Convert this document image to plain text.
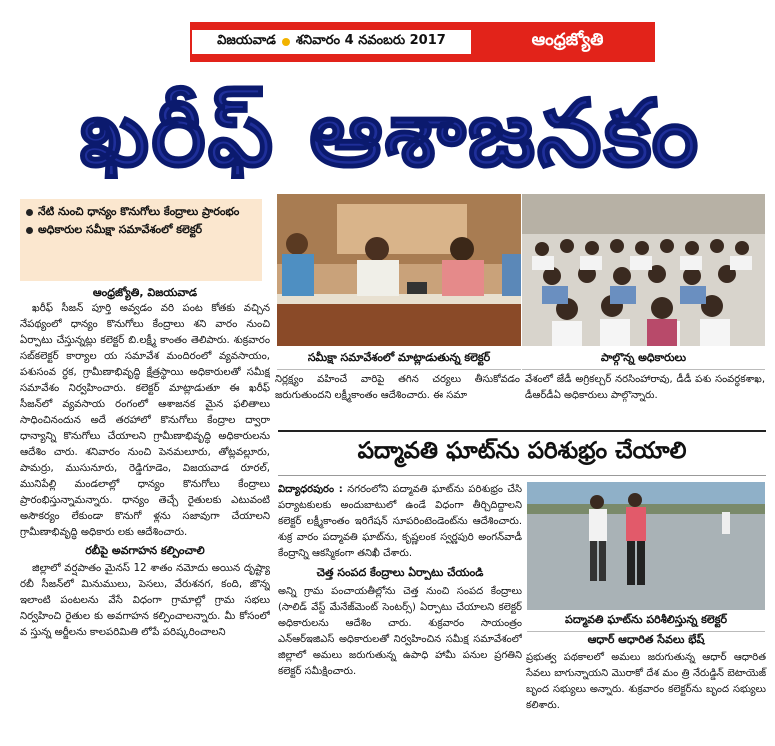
విజయవాడ శనివారం 4 నవంబరు 2017	ఆంధ్రజ్యోతి
ఖరీఫ్ ఆశాజనకం
నేటి నుంచి ధాన్యం కొనుగోలు కేంద్రాలు ప్రారంభం
అధికారుల సమీక్షా సమావేశంలో కలెక్టర్
ఆంధ్రజ్యోతి, విజయవాడ

ఖరీఫ్ సీజన్ పూర్తి అవ్వడం వరి పంట కోతకు వచ్చిన నేపథ్యంలో ధాన్యం కొనుగోలు కేంద్రాలు శని వారం నుంచి ఏర్పాటు చేస్తున్నట్లు కలెక్టర్ బి.లక్ష్మీ కాంతం తెలిపారు. శుక్రవారం సబ్‌కలెక్టర్ కార్యాల య సమావేశ మందిరంలో వ్యవసాయం, పశుసంవ ర్ధక, గ్రామీణాభివృద్ధి క్షేత్రస్థాయి అధికారులతో సమీక్ష సమావేశం నిర్వహించారు. కలెక్టర్ మాట్లాడుతూ ఈ ఖరీఫ్ సీజన్‌లో వ్యవసాయ రంగంలో ఆశాజనక మైన ఫలితాలు సాధించినందున అదే తరహాలో కొనుగోలు కేంద్రాల ద్వారా ధాన్యాన్ని కొనుగోలు చేయాలని గ్రామీణాభివృద్ధి అధికారులను ఆదేశిం చారు. శనివారం నుంచి పెనమలూరు, తోట్లవల్లూరు, పామర్రు, ముసునూరు, రెడ్డిగూడెం, విజయవాడ రూరల్, మునిపేల్లి మండలాల్లో ధాన్యం కొనుగోలు కేంద్రాలు ప్రారంభిస్తున్నామన్నారు. ధాన్యం తెచ్చే రైతులకు ఎటువంటి అసౌకర్యం లేకుండా కొనుగో ళ్లను సజావుగా చేయాలని గ్రామీణాభివృద్ధి అధికారు లకు ఆదేశించారు.

రబీపై అవగాహన కల్పించాలి

జిల్లాలో వర్షపాతం మైనస్ 12 శాతం నమోదు అయిన దృష్ట్యా రబీ సీజన్‌లో మినుములు, పెసలు, వేరుశనగ, కంది, జొన్న ఇలాంటి పంటలను వేసే విధంగా గ్రామాల్లో గ్రామ సభలు నిర్వహించి రైతుల కు అవగాహన కల్పించాలన్నారు. మీ కోసంలో వ స్తున్న అర్జీలను కాలపరిమితి లోపే పరిష్కరించాలని

సమీక్షా సమావేశంలో మాట్లాడుతున్న కలెక్టర్	పాల్గొన్న అధికారులు
నిర్లక్ష్యం వహించే వారిపై తగిన చర్యలు తీసుకోవడం జరుగుతుందని లక్ష్మీకాంతం ఆదేశించారు. ఈ సమా
వేశంలో జేడీ అగ్రికల్చర్ నరసింహారావు, డీడీ పశు సంవర్ధకశాఖ, డీఆర్‌డీఏ అధికారులు పాల్గొన్నారు.
పద్మావతి ఘాట్‌ను పరిశుభ్రం చేయాలి

విద్యాధరపురం : నగరంలోని పద్మావతి ఘాట్‌ను పరిశుభ్రం చేసి పర్యాటకులకు అందుబాటులో ఉండే విధంగా తీర్చిదిద్దాలని కలెక్టర్ లక్ష్మీకాంతం ఇరిగేషన్ సూపరింటెండెంట్‌ను ఆదేశించారు. శుక్ర వారం పద్మావతి ఘాట్‌ను, కృష్ణలంక స్వర్ణపురి అంగన్‌వాడీ కేంద్రాన్ని ఆకస్మికంగా తనిఖీ చేశారు.

చెత్త సంపద కేంద్రాలు ఏర్పాటు చేయండి

అన్ని గ్రామ పంచాయతీల్లోను చెత్త నుంచి సంపద కేంద్రాలు (సాలిడ్ వేస్ట్ మేనేజ్‌మెంట్ సెంటర్స్) ఏర్పాటు చేయాలని కలెక్టర్ అధికారులను ఆదేశిం చారు. శుక్రవారం సాయంత్రం ఎన్ఆర్ఇజిఎస్ అధికారులతో నిర్వహించిన సమీక్ష సమావేశంలో జిల్లాలో అమలు జరుగుతున్న ఉపాధి హామీ పనుల ప్రగతిని కలెక్టర్ సమీక్షించారు.

పద్మావతి ఘాట్‌ను పరిశీలిస్తున్న కలెక్టర్
ఆధార్ ఆధారిత సేవలు భేష్

ప్రభుత్వ పథకాలలో అమలు జరుగుతున్న ఆధార్ ఆధారిత సేవలు బాగున్నాయని మొరాకో దేశ మం త్రి నేరుడ్డిన్ బెటాయెజ్ బృంద సభ్యులు అన్నారు. శుక్రవారం కలెక్టర్‌ను బృంద సభ్యులు కలిశారు.
